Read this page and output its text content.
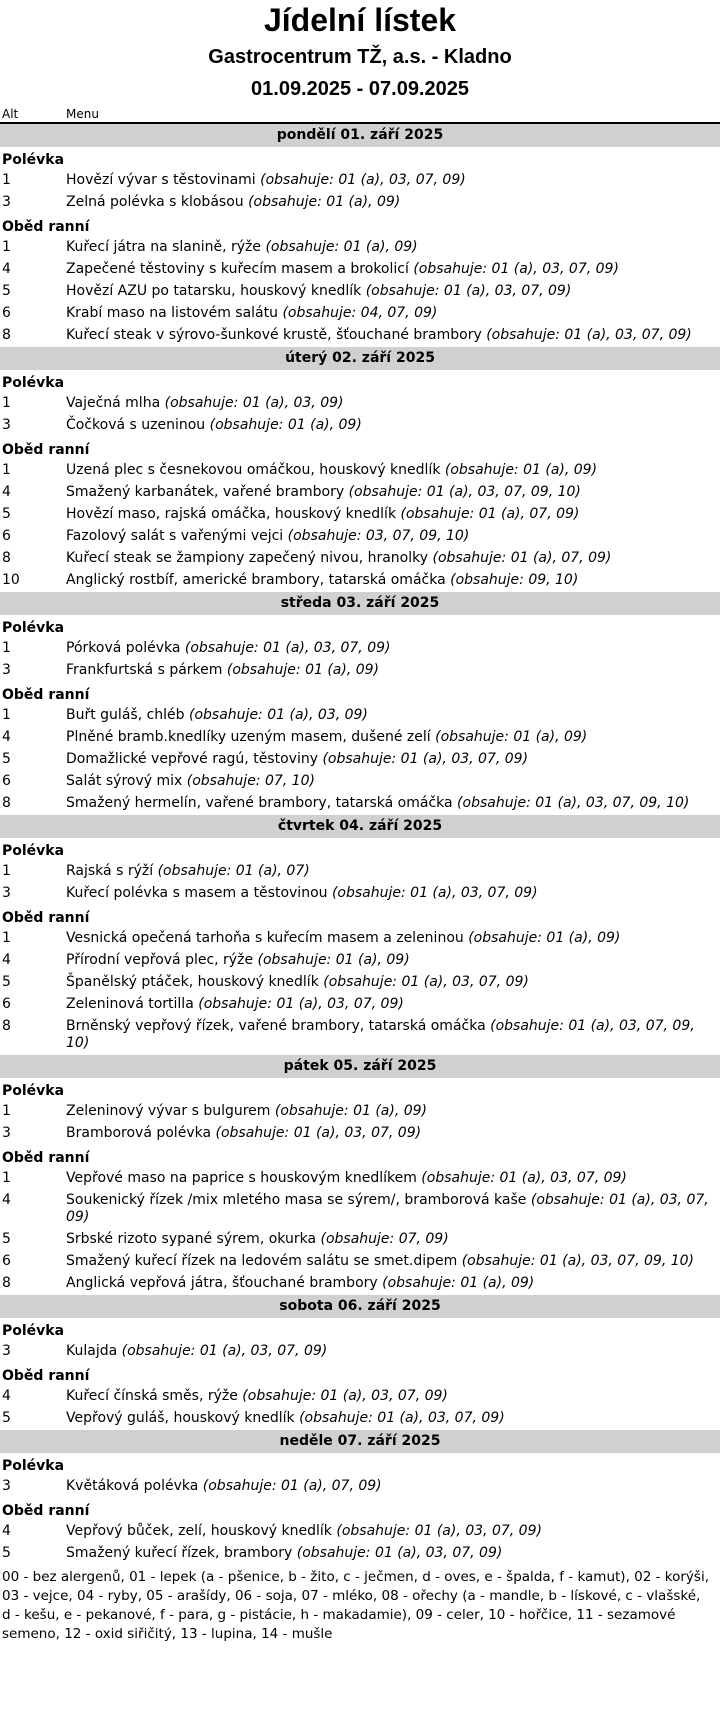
Jídelní lístek
Gastrocentrum TŽ, a.s. - Kladno
01.09.2025 - 07.09.2025
Alt	Menu
pondělí 01. září 2025
Polévka
1	Hovězí vývar s těstovinami (obsahuje: 01 (a), 03, 07, 09)
3	Zelná polévka s klobásou (obsahuje: 01 (a), 09)
Oběd ranní
1	Kuřecí játra na slanině, rýže (obsahuje: 01 (a), 09)
4	Zapečené těstoviny s kuřecím masem a brokolicí (obsahuje: 01 (a), 03, 07, 09)
5	Hovězí AZU po tatarsku, houskový knedlík (obsahuje: 01 (a), 03, 07, 09)
6	Krabí maso na listovém salátu (obsahuje: 04, 07, 09)
8	Kuřecí steak v sýrovo-šunkové krustě, šťouchané brambory (obsahuje: 01 (a), 03, 07, 09)
úterý 02. září 2025
Polévka
1	Vaječná mlha (obsahuje: 01 (a), 03, 09)
3	Čočková s uzeninou (obsahuje: 01 (a), 09)
Oběd ranní
1	Uzená plec s česnekovou omáčkou, houskový knedlík (obsahuje: 01 (a), 09)
4	Smažený karbanátek, vařené brambory (obsahuje: 01 (a), 03, 07, 09, 10)
5	Hovězí maso, rajská omáčka, houskový knedlík (obsahuje: 01 (a), 07, 09)
6	Fazolový salát s vařenými vejci (obsahuje: 03, 07, 09, 10)
8	Kuřecí steak se žampiony zapečený nivou, hranolky (obsahuje: 01 (a), 07, 09)
10	Anglický rostbíf, americké brambory, tatarská omáčka (obsahuje: 09, 10)
středa 03. září 2025
Polévka
1	Pórková polévka (obsahuje: 01 (a), 03, 07, 09)
3	Frankfurtská s párkem (obsahuje: 01 (a), 09)
Oběd ranní
1	Buřt guláš, chléb (obsahuje: 01 (a), 03, 09)
4	Plněné bramb.knedlíky uzeným masem, dušené zelí (obsahuje: 01 (a), 09)
5	Domažlické vepřové ragú, těstoviny (obsahuje: 01 (a), 03, 07, 09)
6	Salát sýrový mix (obsahuje: 07, 10)
8	Smažený hermelín, vařené brambory, tatarská omáčka (obsahuje: 01 (a), 03, 07, 09, 10)
čtvrtek 04. září 2025
Polévka
1	Rajská s rýží (obsahuje: 01 (a), 07)
3	Kuřecí polévka s masem a těstovinou (obsahuje: 01 (a), 03, 07, 09)
Oběd ranní
1	Vesnická opečená tarhoňa s kuřecím masem a zeleninou (obsahuje: 01 (a), 09)
4	Přírodní vepřová plec, rýže (obsahuje: 01 (a), 09)
5	Španělský ptáček, houskový knedlík (obsahuje: 01 (a), 03, 07, 09)
6	Zeleninová tortilla (obsahuje: 01 (a), 03, 07, 09)
8	Brněnský vepřový řízek, vařené brambory, tatarská omáčka (obsahuje: 01 (a), 03, 07, 09, 10)
pátek 05. září 2025
Polévka
1	Zeleninový vývar s bulgurem (obsahuje: 01 (a), 09)
3	Bramborová polévka (obsahuje: 01 (a), 03, 07, 09)
Oběd ranní
1	Vepřové maso na paprice s houskovým knedlíkem (obsahuje: 01 (a), 03, 07, 09)
4	Soukenický řízek /mix mletého masa se sýrem/, bramborová kaše (obsahuje: 01 (a), 03, 07, 09)
5	Srbské rizoto sypané sýrem, okurka (obsahuje: 07, 09)
6	Smažený kuřecí řízek na ledovém salátu se smet.dipem (obsahuje: 01 (a), 03, 07, 09, 10)
8	Anglická vepřová játra, šťouchané brambory (obsahuje: 01 (a), 09)
sobota 06. září 2025
Polévka
3	Kulajda (obsahuje: 01 (a), 03, 07, 09)
Oběd ranní
4	Kuřecí čínská směs, rýže (obsahuje: 01 (a), 03, 07, 09)
5	Vepřový guláš, houskový knedlík (obsahuje: 01 (a), 03, 07, 09)
neděle 07. září 2025
Polévka
3	Květáková polévka (obsahuje: 01 (a), 07, 09)
Oběd ranní
4	Vepřový bůček, zelí, houskový knedlík (obsahuje: 01 (a), 03, 07, 09)
5	Smažený kuřecí řízek, brambory (obsahuje: 01 (a), 03, 07, 09)
00 - bez alergenů, 01 - lepek (a - pšenice, b - žito, c - ječmen, d - oves, e - špalda, f - kamut), 02 - korýši, 03 - vejce, 04 - ryby, 05 - arašídy, 06 - soja, 07 - mléko, 08 - ořechy (a - mandle, b - lískové, c - vlašské, d - kešu, e - pekanové, f - para, g - pistácie, h - makadamie), 09 - celer, 10 - hořčice, 11 - sezamové semeno, 12 - oxid siřičitý, 13 - lupina, 14 - mušle
